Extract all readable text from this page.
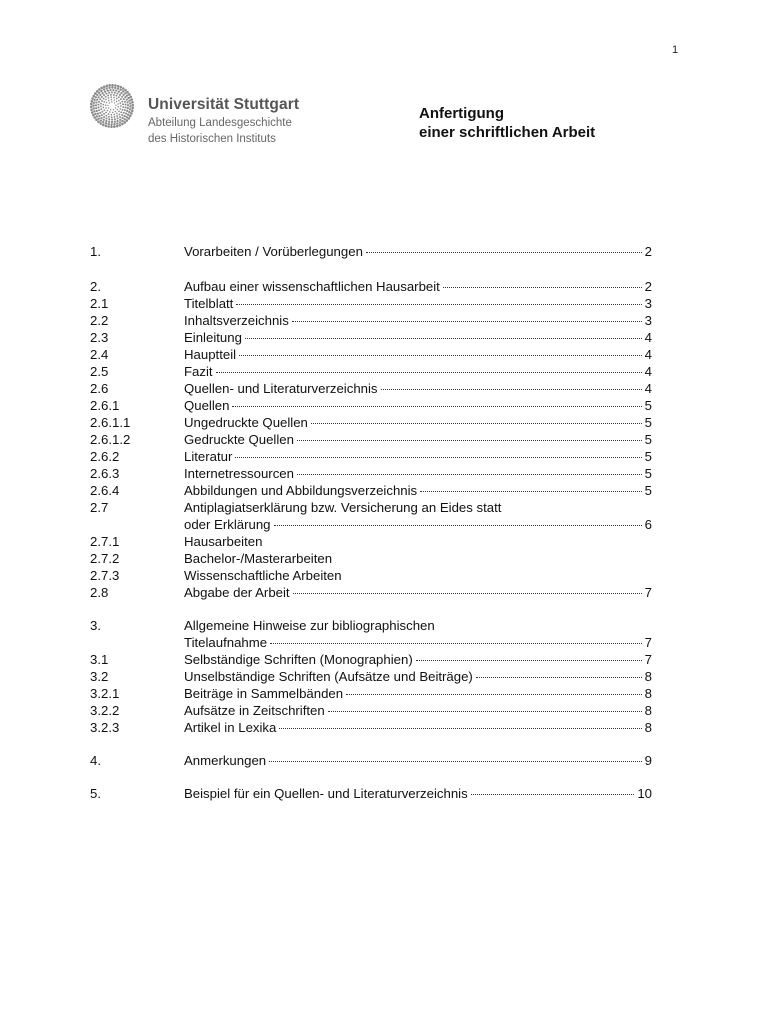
1
Universität Stuttgart
Abteilung Landesgeschichte
des Historischen Instituts
Anfertigung
einer schriftlichen Arbeit
1.	Vorarbeiten / Vorüberlegungen	2
2.	Aufbau einer wissenschaftlichen Hausarbeit	2
2.1	Titelblatt	3
2.2	Inhaltsverzeichnis	3
2.3	Einleitung	4
2.4	Hauptteil	4
2.5	Fazit	4
2.6	Quellen- und Literaturverzeichnis	4
2.6.1	Quellen	5
2.6.1.1	Ungedruckte Quellen	5
2.6.1.2	Gedruckte Quellen	5
2.6.2	Literatur	5
2.6.3	Internetressourcen	5
2.6.4	Abbildungen und Abbildungsverzeichnis	5
2.7	Antiplagiatserklärung bzw. Versicherung an Eides statt
oder Erklärung	6
2.7.1	Hausarbeiten
2.7.2	Bachelor-/Masterarbeiten
2.7.3	Wissenschaftliche Arbeiten
2.8	Abgabe der Arbeit	7
3.	Allgemeine Hinweise zur bibliographischen
Titelaufnahme	7
3.1	Selbständige Schriften (Monographien)	7
3.2	Unselbständige Schriften (Aufsätze und Beiträge)	8
3.2.1	Beiträge in Sammelbänden	8
3.2.2	Aufsätze in Zeitschriften	8
3.2.3	Artikel in Lexika	8
4.	Anmerkungen	9
5.	Beispiel für ein Quellen- und Literaturverzeichnis	10
